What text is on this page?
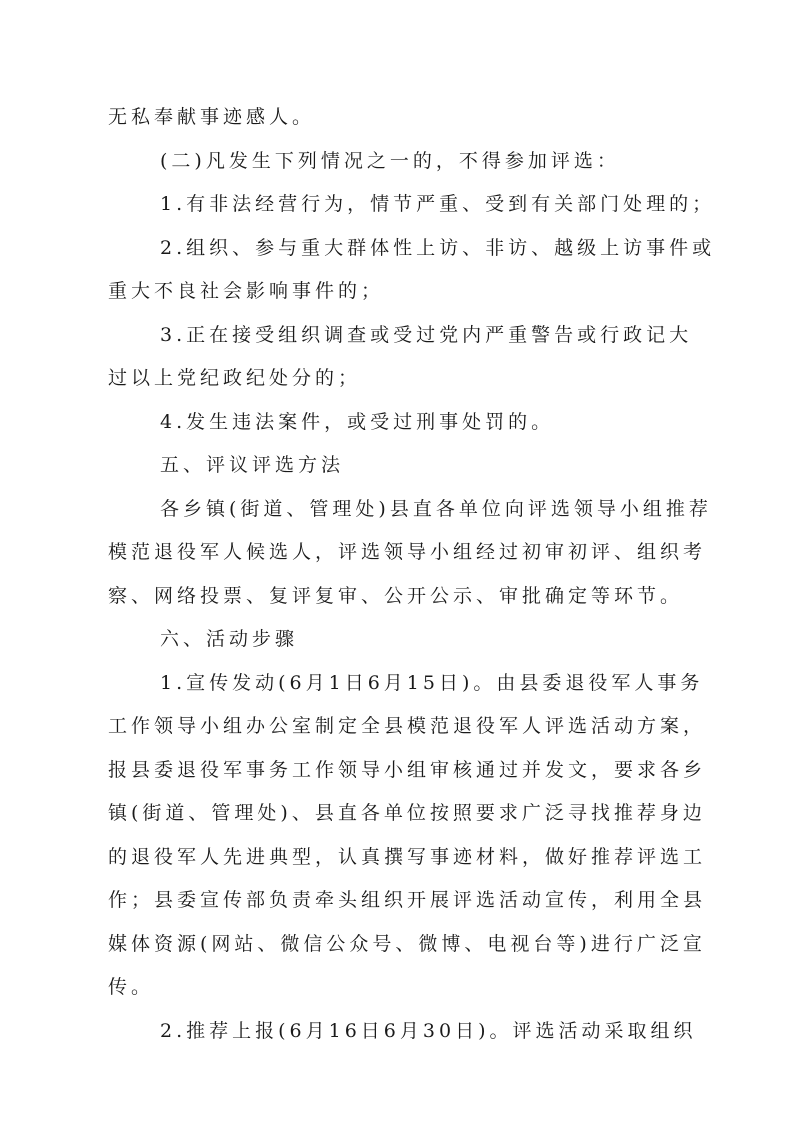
无私奉献事迹感人。
(二)凡发生下列情况之一的，不得参加评选：
1.有非法经营行为，情节严重、受到有关部门处理的；
2.组织、参与重大群体性上访、非访、越级上访事件或
重大不良社会影响事件的；
3.正在接受组织调查或受过党内严重警告或行政记大
过以上党纪政纪处分的；
4.发生违法案件，或受过刑事处罚的。
五、评议评选方法
各乡镇(街道、管理处)县直各单位向评选领导小组推荐
模范退役军人候选人，评选领导小组经过初审初评、组织考
察、网络投票、复评复审、公开公示、审批确定等环节。
六、活动步骤
1.宣传发动(6月1日6月15日)。由县委退役军人事务
工作领导小组办公室制定全县模范退役军人评选活动方案，
报县委退役军事务工作领导小组审核通过并发文，要求各乡
镇(街道、管理处)、县直各单位按照要求广泛寻找推荐身边
的退役军人先进典型，认真撰写事迹材料，做好推荐评选工
作；县委宣传部负责牵头组织开展评选活动宣传，利用全县
媒体资源(网站、微信公众号、微博、电视台等)进行广泛宣
传。
2.推荐上报(6月16日6月30日)。评选活动采取组织
